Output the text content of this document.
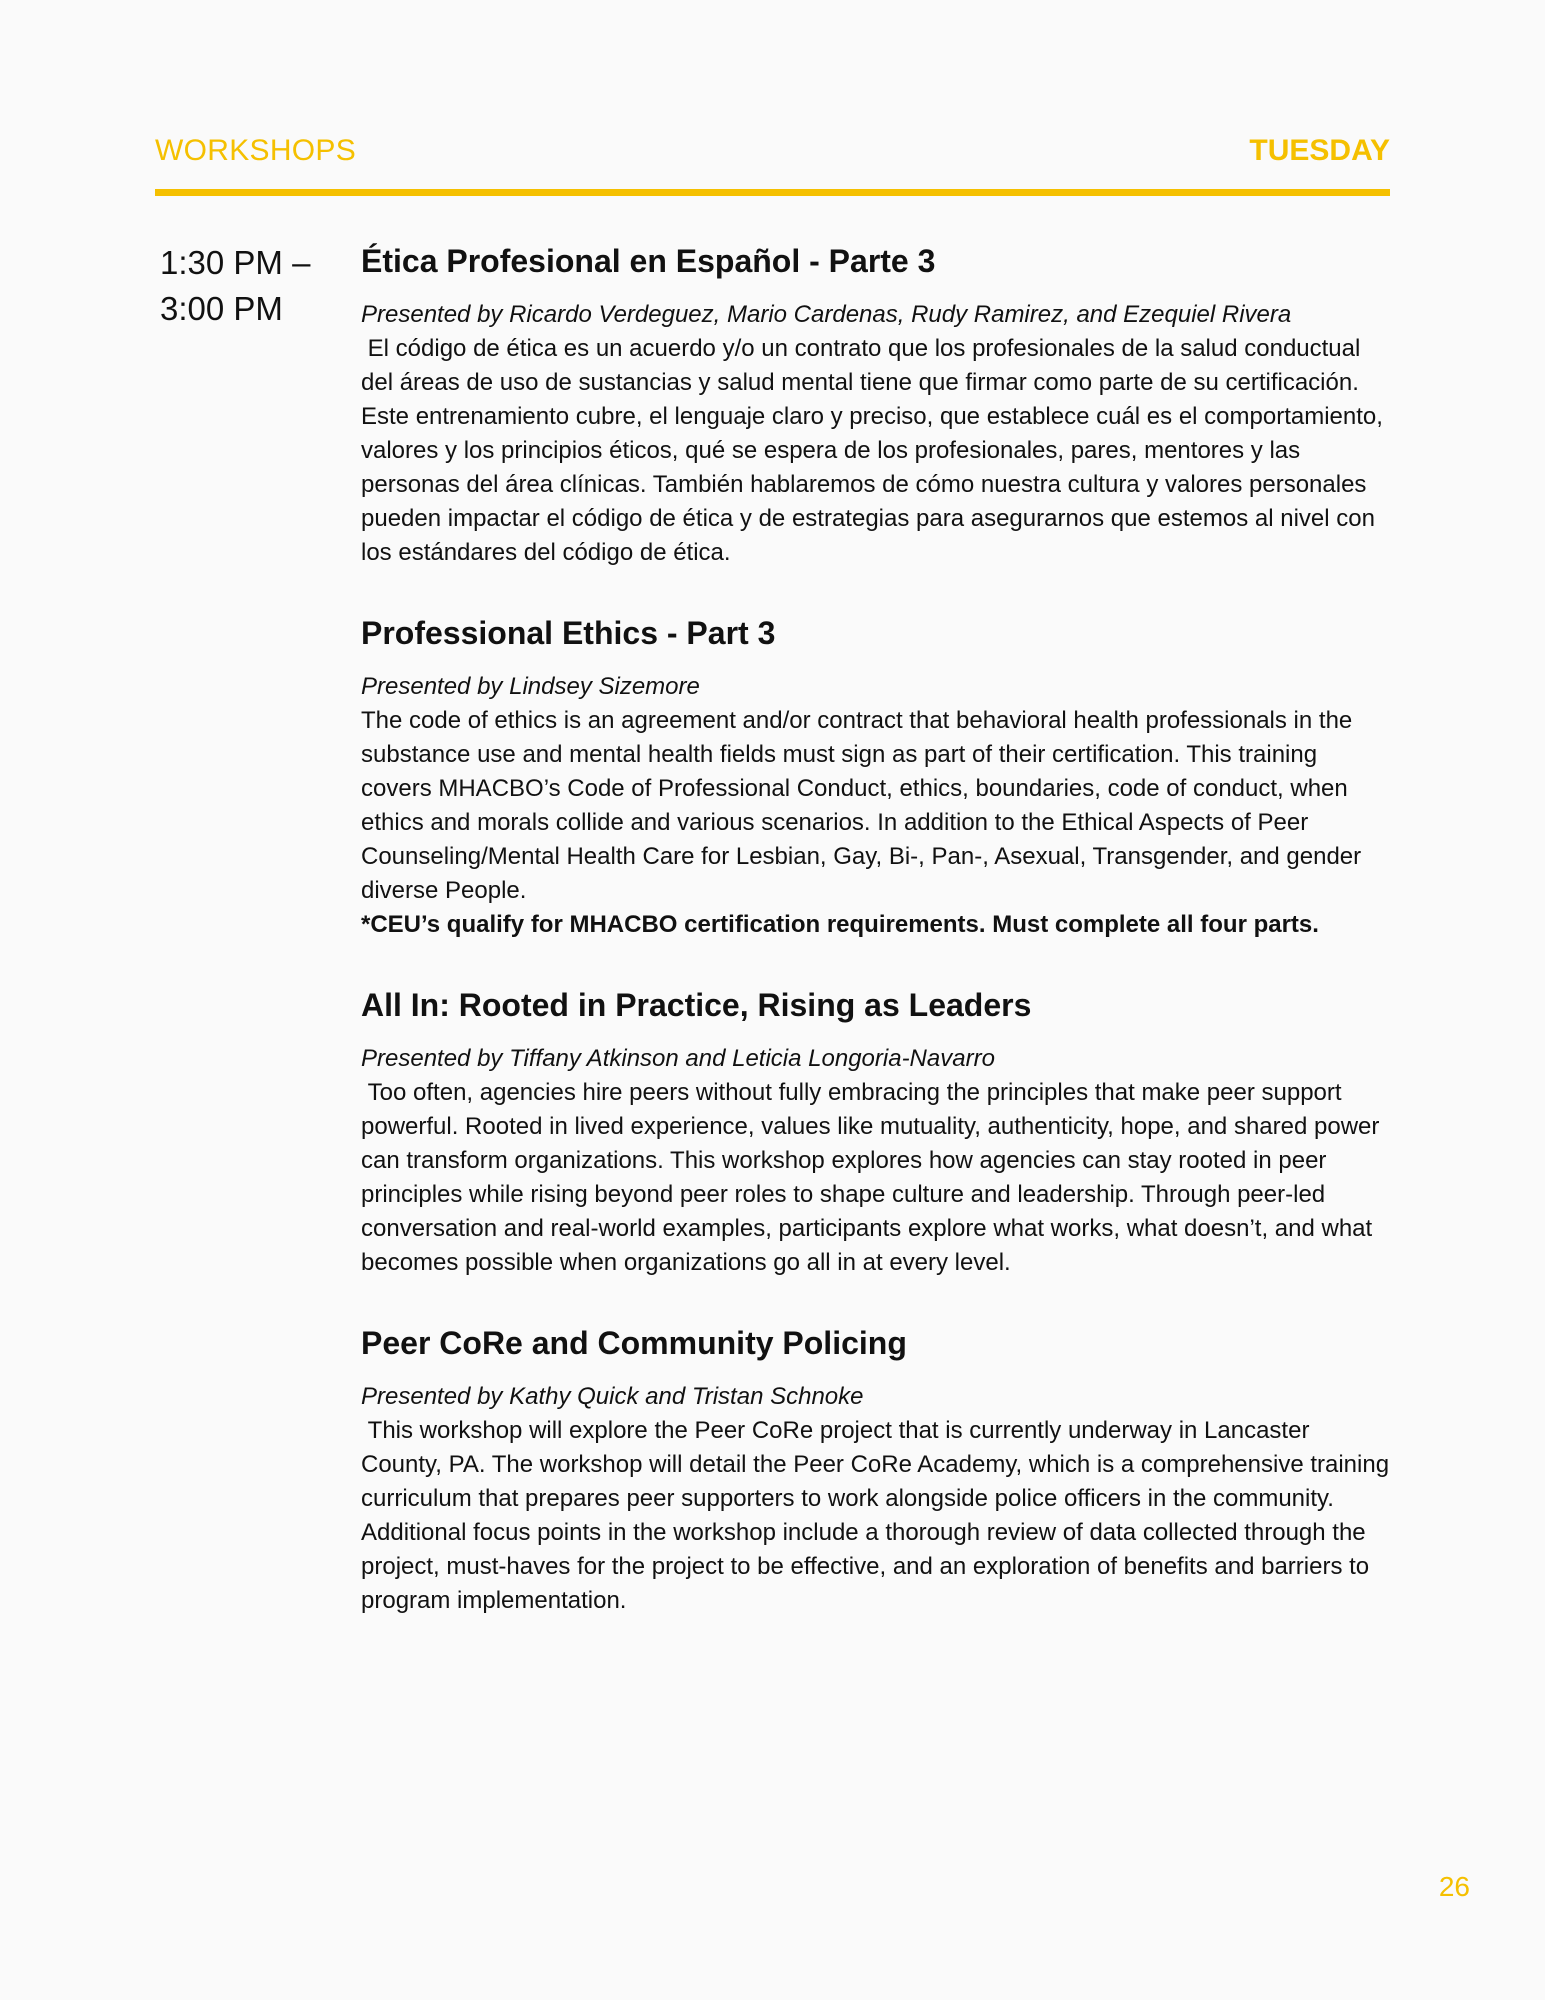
WORKSHOPS	TUESDAY
1:30 PM –
3:00 PM
Ética Profesional en Español - Parte 3

Presented by Ricardo Verdeguez, Mario Cardenas, Rudy Ramirez, and Ezequiel Rivera

El código de ética es un acuerdo y/o un contrato que los profesionales de la salud conductual del áreas de uso de sustancias y salud mental tiene que firmar como parte de su certificación. Este entrenamiento cubre, el lenguaje claro y preciso, que establece cuál es el comportamiento, valores y los principios éticos, qué se espera de los profesionales, pares, mentores y las personas del área clínicas. También hablaremos de cómo nuestra cultura y valores personales pueden impactar el código de ética y de estrategias para asegurarnos que estemos al nivel con los estándares del código de ética.

Professional Ethics - Part 3

Presented by Lindsey Sizemore

The code of ethics is an agreement and/or contract that behavioral health professionals in the substance use and mental health fields must sign as part of their certification. This training covers MHACBO’s Code of Professional Conduct, ethics, boundaries, code of conduct, when ethics and morals collide and various scenarios. In addition to the Ethical Aspects of Peer Counseling/Mental Health Care for Lesbian, Gay, Bi-, Pan-, Asexual, Transgender, and gender diverse People.

*CEU’s qualify for MHACBO certification requirements. Must complete all four parts.

All In: Rooted in Practice, Rising as Leaders

Presented by Tiffany Atkinson and Leticia Longoria-Navarro

Too often, agencies hire peers without fully embracing the principles that make peer support powerful. Rooted in lived experience, values like mutuality, authenticity, hope, and shared power can transform organizations. This workshop explores how agencies can stay rooted in peer principles while rising beyond peer roles to shape culture and leadership. Through peer-led conversation and real-world examples, participants explore what works, what doesn’t, and what becomes possible when organizations go all in at every level.

Peer CoRe and Community Policing

Presented by Kathy Quick and Tristan Schnoke

This workshop will explore the Peer CoRe project that is currently underway in Lancaster County, PA. The workshop will detail the Peer CoRe Academy, which is a comprehensive training curriculum that prepares peer supporters to work alongside police officers in the community. Additional focus points in the workshop include a thorough review of data collected through the project, must-haves for the project to be effective, and an exploration of benefits and barriers to program implementation.

26
